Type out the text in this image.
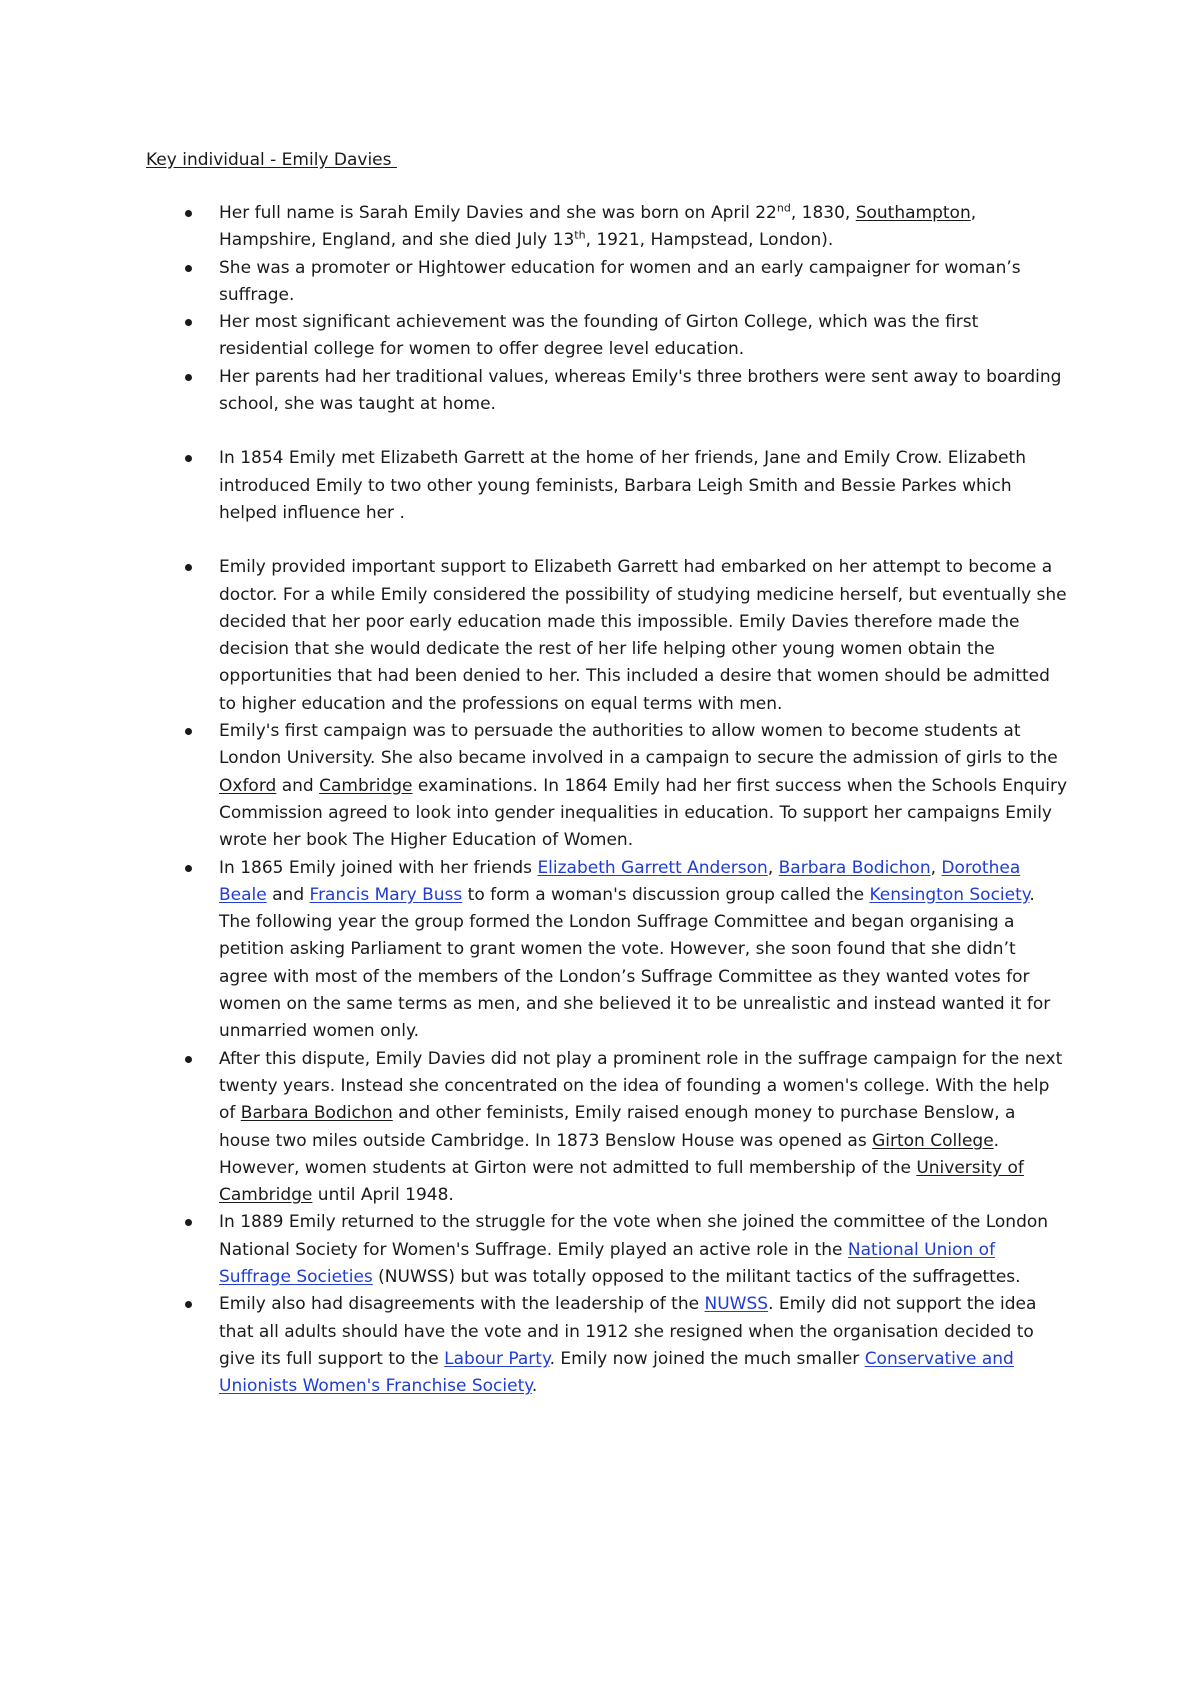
Key individual - Emily Davies
Her full name is Sarah Emily Davies and she was born on April 22nd, 1830, Southampton, Hampshire, England, and she died July 13th, 1921, Hampstead, London).
She was a promoter or Hightower education for women and an early campaigner for woman’s suffrage.
Her most significant achievement was the founding of Girton College, which was the first residential college for women to offer degree level education.
Her parents had her traditional values, whereas Emily's three brothers were sent away to boarding school, she was taught at home.
In 1854 Emily met Elizabeth Garrett at the home of her friends, Jane and Emily Crow. Elizabeth introduced Emily to two other young feminists, Barbara Leigh Smith and Bessie Parkes which helped influence her .
Emily provided important support to Elizabeth Garrett had embarked on her attempt to become a doctor. For a while Emily considered the possibility of studying medicine herself, but eventually she decided that her poor early education made this impossible. Emily Davies therefore made the decision that she would dedicate the rest of her life helping other young women obtain the opportunities that had been denied to her. This included a desire that women should be admitted to higher education and the professions on equal terms with men.
Emily's first campaign was to persuade the authorities to allow women to become students at London University. She also became involved in a campaign to secure the admission of girls to the Oxford and Cambridge examinations. In 1864 Emily had her first success when the Schools Enquiry Commission agreed to look into gender inequalities in education. To support her campaigns Emily wrote her book The Higher Education of Women.
In 1865 Emily joined with her friends Elizabeth Garrett Anderson, Barbara Bodichon, Dorothea Beale and Francis Mary Buss to form a woman's discussion group called the Kensington Society. The following year the group formed the London Suffrage Committee and began organising a petition asking Parliament to grant women the vote. However, she soon found that she didn’t agree with most of the members of the London’s Suffrage Committee as they wanted votes for women on the same terms as men, and she believed it to be unrealistic and instead wanted it for unmarried women only.
After this dispute, Emily Davies did not play a prominent role in the suffrage campaign for the next twenty years. Instead she concentrated on the idea of founding a women's college. With the help of Barbara Bodichon and other feminists, Emily raised enough money to purchase Benslow, a house two miles outside Cambridge. In 1873 Benslow House was opened as Girton College. However, women students at Girton were not admitted to full membership of the University of Cambridge until April 1948.
In 1889 Emily returned to the struggle for the vote when she joined the committee of the London National Society for Women's Suffrage. Emily played an active role in the National Union of Suffrage Societies (NUWSS) but was totally opposed to the militant tactics of the suffragettes.
Emily also had disagreements with the leadership of the NUWSS. Emily did not support the idea that all adults should have the vote and in 1912 she resigned when the organisation decided to give its full support to the Labour Party. Emily now joined the much smaller Conservative and Unionists Women's Franchise Society.
